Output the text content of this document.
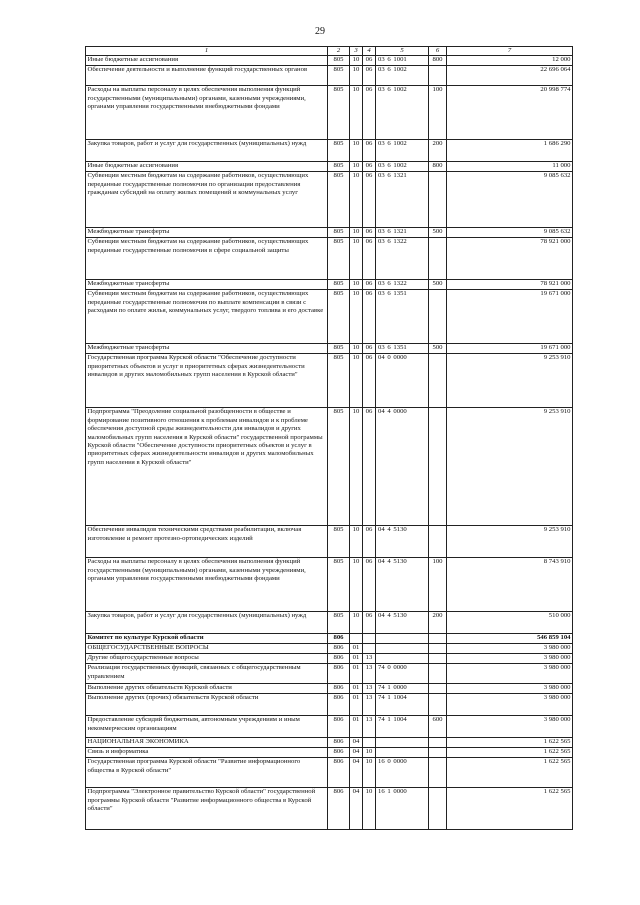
29
1	2	3	4	5	6	7
Иные бюджетные ассигнования	805	10	06	03 6 1001	800	12 000
Обеспечение деятельности и выполнение функций государственных органов	805	10	06	03 6 1002		22 696 064
Расходы на выплаты персоналу в целях обеспечения выполнения функций государственными (муниципальными) органами, казенными учреждениями, органами управления государственными внебюджетными фондами	805	10	06	03 6 1002	100	20 998 774
Закупка товаров, работ и услуг для государственных (муниципальных) нужд	805	10	06	03 6 1002	200	1 686 290
Иные бюджетные ассигнования	805	10	06	03 6 1002	800	11 000
Субвенции местным бюджетам на содержание работников, осуществляющих переданные государственные полномочия по организации предоставления гражданам субсидий на оплату жилых помещений и коммунальных услуг	805	10	06	03 6 1321		9 085 632
Межбюджетные трансферты	805	10	06	03 6 1321	500	9 085 632
Субвенции местным бюджетам на содержание работников, осуществляющих переданные государственные полномочия в сфере социальной защиты	805	10	06	03 6 1322		78 921 000
Межбюджетные трансферты	805	10	06	03 6 1322	500	78 921 000
Субвенции местным бюджетам на содержание работников, осуществляющих переданные государственные полномочия по выплате компенсации в связи с расходами по оплате жилья, коммунальных услуг, твердого топлива и его доставке	805	10	06	03 6 1351		19 671 000
Межбюджетные трансферты	805	10	06	03 6 1351	500	19 671 000
Государственная программа Курской области "Обеспечение доступности приоритетных объектов и услуг в приоритетных сферах жизнедеятельности инвалидов и других маломобильных групп населения в Курской области"	805	10	06	04 0 0000		9 253 910
Подпрограмма "Преодоление социальной разобщенности в обществе и формирование позитивного отношения к проблемам инвалидов и к проблеме обеспечения доступной среды жизнедеятельности для инвалидов и других маломобильных групп населения в Курской области" государственной программы Курской области "Обеспечение доступности приоритетных объектов и услуг в приоритетных сферах жизнедеятельности инвалидов и других маломобильных групп населения в Курской области"	805	10	06	04 4 0000		9 253 910
Обеспечение инвалидов техническими средствами реабилитации, включая изготовление и ремонт протезно-ортопедических изделий	805	10	06	04 4 5130		9 253 910
Расходы на выплаты персоналу в целях обеспечения выполнения функций государственными (муниципальными) органами, казенными учреждениями, органами управления государственными внебюджетными фондами	805	10	06	04 4 5130	100	8 743 910
Закупка товаров, работ и услуг для государственных (муниципальных) нужд	805	10	06	04 4 5130	200	510 000
Комитет по культуре Курской области	806					546 859 104
ОБЩЕГОСУДАРСТВЕННЫЕ ВОПРОСЫ	806	01				3 980 000
Другие общегосударственные вопросы	806	01	13			3 980 000
Реализация государственных функций, связанных с общегосударственным управлением	806	01	13	74 0 0000		3 980 000
Выполнение других обязательств Курской области	806	01	13	74 1 0000		3 980 000
Выполнение других (прочих) обязательств Курской области	806	01	13	74 1 1004		3 980 000
Предоставление субсидий бюджетным, автономным учреждениям и иным некоммерческим организациям	806	01	13	74 1 1004	600	3 980 000
НАЦИОНАЛЬНАЯ ЭКОНОМИКА	806	04				1 622 565
Связь и информатика	806	04	10			1 622 565
Государственная программа Курской области "Развитие информационного общества в Курской области"	806	04	10	16 0 0000		1 622 565
Подпрограмма "Электронное правительство Курской области" государственной программы Курской области "Развитие информационного общества в Курской области"	806	04	10	16 1 0000		1 622 565
